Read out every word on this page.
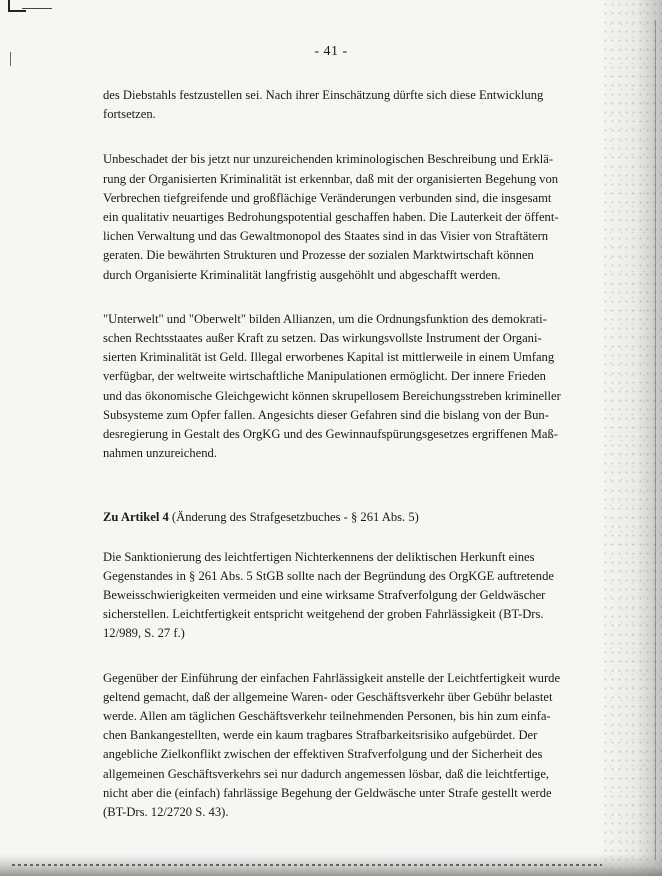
- 41 -

des Diebstahls festzustellen sei. Nach ihrer Einschätzung dürfte sich diese Entwicklung
fortsetzen.

Unbeschadet der bis jetzt nur unzureichenden kriminologischen Beschreibung und Erklä-
rung der Organisierten Kriminalität ist erkennbar, daß mit der organisierten Begehung von
Verbrechen tiefgreifende und großflächige Veränderungen verbunden sind, die insgesamt
ein qualitativ neuartiges Bedrohungspotential geschaffen haben. Die Lauterkeit der öffent-
lichen Verwaltung und das Gewaltmonopol des Staates sind in das Visier von Straftätern
geraten. Die bewährten Strukturen und Prozesse der sozialen Marktwirtschaft können
durch Organisierte Kriminalität langfristig ausgehöhlt und abgeschafft werden.

"Unterwelt" und "Oberwelt" bilden Allianzen, um die Ordnungsfunktion des demokrati-
schen Rechtsstaates außer Kraft zu setzen. Das wirkungsvollste Instrument der Organi-
sierten Kriminalität ist Geld. Illegal erworbenes Kapital ist mittlerweile in einem Umfang
verfügbar, der weltweite wirtschaftliche Manipulationen ermöglicht. Der innere Frieden
und das ökonomische Gleichgewicht können skrupellosem Bereichungsstreben krimineller
Subsysteme zum Opfer fallen. Angesichts dieser Gefahren sind die bislang von der Bun-
desregierung in Gestalt des OrgKG und des Gewinnaufspürungsgesetzes ergriffenen Maß-
nahmen unzureichend.

Zu Artikel 4 (Änderung des Strafgesetzbuches - § 261 Abs. 5)

Die Sanktionierung des leichtfertigen Nichterkennens der deliktischen Herkunft eines
Gegenstandes in § 261 Abs. 5 StGB sollte nach der Begründung des OrgKGE auftretende
Beweisschwierigkeiten vermeiden und eine wirksame Strafverfolgung der Geldwäscher
sicherstellen. Leichtfertigkeit entspricht weitgehend der groben Fahrlässigkeit (BT-Drs.
12/989, S. 27 f.)

Gegenüber der Einführung der einfachen Fahrlässigkeit anstelle der Leichtfertigkeit wurde
geltend gemacht, daß der allgemeine Waren- oder Geschäftsverkehr über Gebühr belastet
werde. Allen am täglichen Geschäftsverkehr teilnehmenden Personen, bis hin zum einfa-
chen Bankangestellten, werde ein kaum tragbares Strafbarkeitsrisiko aufgebürdet. Der
angebliche Zielkonflikt zwischen der effektiven Strafverfolgung und der Sicherheit des
allgemeinen Geschäftsverkehrs sei nur dadurch angemessen lösbar, daß die leichtfertige,
nicht aber die (einfach) fahrlässige Begehung der Geldwäsche unter Strafe gestellt werde
(BT-Drs. 12/2720 S. 43).
